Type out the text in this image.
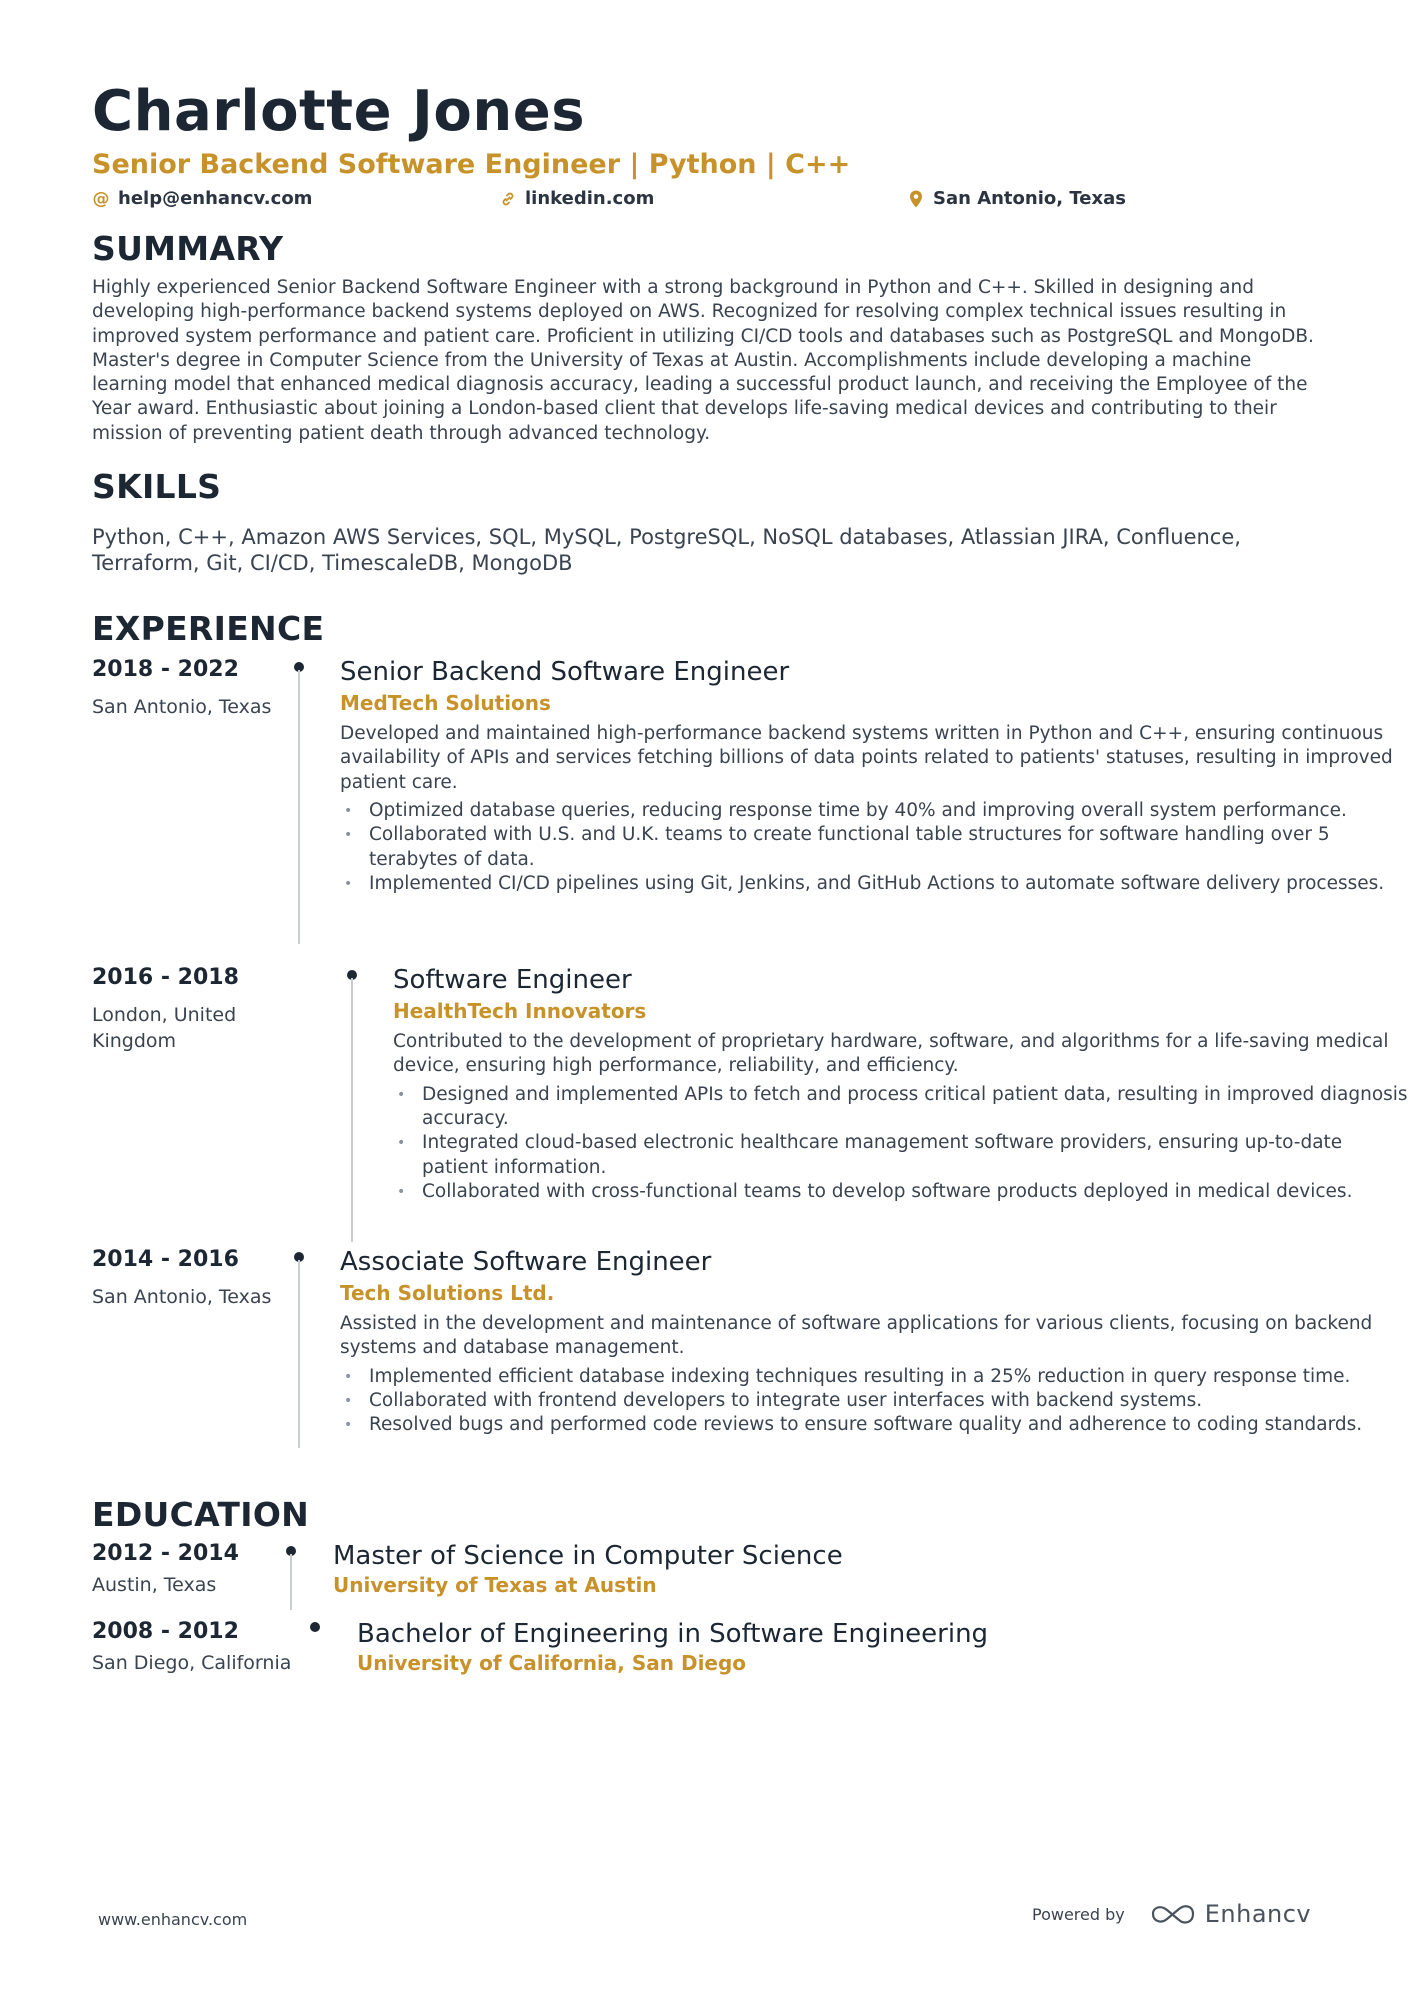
Charlotte Jones
Senior Backend Software Engineer | Python | C++
@ help@enhancv.com	linkedin.com	San Antonio, Texas
SUMMARY
Highly experienced Senior Backend Software Engineer with a strong background in Python and C++. Skilled in designing and developing high-performance backend systems deployed on AWS. Recognized for resolving complex technical issues resulting in improved system performance and patient care. Proficient in utilizing CI/CD tools and databases such as PostgreSQL and MongoDB. Master's degree in Computer Science from the University of Texas at Austin. Accomplishments include developing a machine learning model that enhanced medical diagnosis accuracy, leading a successful product launch, and receiving the Employee of the Year award. Enthusiastic about joining a London-based client that develops life-saving medical devices and contributing to their mission of preventing patient death through advanced technology.
SKILLS
Python, C++, Amazon AWS Services, SQL, MySQL, PostgreSQL, NoSQL databases, Atlassian JIRA, Confluence, Terraform, Git, CI/CD, TimescaleDB, MongoDB
EXPERIENCE
2018 - 2022
San Antonio, Texas
Senior Backend Software Engineer
MedTech Solutions
Developed and maintained high-performance backend systems written in Python and C++, ensuring continuous availability of APIs and services fetching billions of data points related to patients' statuses, resulting in improved patient care.
• Optimized database queries, reducing response time by 40% and improving overall system performance.
• Collaborated with U.S. and U.K. teams to create functional table structures for software handling over 5 terabytes of data.
• Implemented CI/CD pipelines using Git, Jenkins, and GitHub Actions to automate software delivery processes.
2016 - 2018
London, United Kingdom
Software Engineer
HealthTech Innovators
Contributed to the development of proprietary hardware, software, and algorithms for a life-saving medical device, ensuring high performance, reliability, and efficiency.
• Designed and implemented APIs to fetch and process critical patient data, resulting in improved diagnosis accuracy.
• Integrated cloud-based electronic healthcare management software providers, ensuring up-to-date patient information.
• Collaborated with cross-functional teams to develop software products deployed in medical devices.
2014 - 2016
San Antonio, Texas
Associate Software Engineer
Tech Solutions Ltd.
Assisted in the development and maintenance of software applications for various clients, focusing on backend systems and database management.
• Implemented efficient database indexing techniques resulting in a 25% reduction in query response time.
• Collaborated with frontend developers to integrate user interfaces with backend systems.
• Resolved bugs and performed code reviews to ensure software quality and adherence to coding standards.
EDUCATION
2012 - 2014
Austin, Texas
Master of Science in Computer Science
University of Texas at Austin
2008 - 2012
San Diego, California
Bachelor of Engineering in Software Engineering
University of California, San Diego
www.enhancv.com	Powered by	Enhancv
